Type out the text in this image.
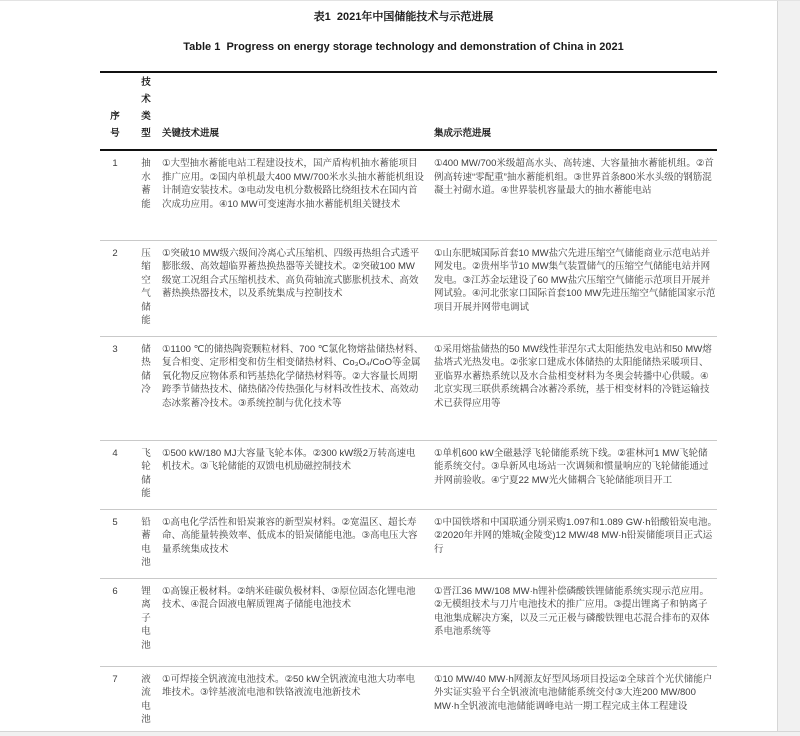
表1  2021年中国储能技术与示范进展
Table 1  Progress on energy storage technology and demonstration of China in 2021
序号	技术类型	关键技术进展	集成示范进展
1	抽水蓄能	①大型抽水蓄能电站工程建设技术，国产盾构机抽水蓄能项目推广应用。②国内单机最大400 MW/700米水头抽水蓄能机组设计制造安装技术。③电动发电机分数极路比绕组技术在国内首次成功应用。④10 MW可变速海水抽水蓄能机组关键技术	①400 MW/700米级超高水头、高转速、大容量抽水蓄能机组。②首例高转速“零配重”抽水蓄能机组。③世界首条800米水头级的钢筋混凝土衬砌水道。④世界装机容量最大的抽水蓄能电站
2	压缩空气储能	①突破10 MW级六级间冷离心式压缩机、四级再热组合式透平膨胀级、高效超临界蓄热换热器等关键技术。②突破100 MW级宽工况组合式压缩机技术、高负荷轴流式膨胀机技术、高效蓄热换热器技术，以及系统集成与控制技术	①山东肥城国际首套10 MW盐穴先进压缩空气储能商业示范电站并网发电。②贵州毕节10 MW集气装置储气的压缩空气储能电站并网发电。③江苏金坛建设了60 MW盐穴压缩空气储能示范项目开展并网试验。④河北张家口国际首套100 MW先进压缩空气储能国家示范项目开展并网带电调试
3	储热储冷	①1100 ℃的储热陶瓷颗粒材料、700 ℃氯化物熔盐储热材料、复合相变、定形相变和仿生相变储热材料、Co₃O₄/CoO等金属氧化物反应物体系和钙基热化学储热材料等。②大容量长周期跨季节储热技术、储热储冷传热强化与材料改性技术、高效动态冰浆蓄冷技术。③系统控制与优化技术等	①采用熔盐储热的50 MW线性菲涅尔式太阳能热发电站和50 MW熔盐塔式光热发电。②张家口建成水体储热的太阳能储热采暖项目、亚临界水蓄热系统以及水合盐相变材料为冬奥会转播中心供暖。④北京实现三联供系统耦合冰蓄冷系统，基于相变材料的冷链运输技术已获得应用等
4	飞轮储能	①500 kW/180 MJ大容量飞轮本体。②300 kW级2万转高速电机技术。③飞轮储能的双馈电机励磁控制技术	①单机600 kW全磁悬浮飞轮储能系统下线。②霍林河1 MW飞轮储能系统交付。③阜新风电场站一次调频和惯量响应的飞轮储能通过并网前验收。④宁夏22 MW光火储耦合飞轮储能项目开工
5	铅蓄电池	①高电化学活性和铅炭兼容的新型炭材料。②宽温区、超长寿命、高能量转换效率、低成本的铅炭储能电池。③高电压大容量系统集成技术	①中国铁塔和中国联通分别采购1.097和1.089 GW·h铅酸铅炭电池。②2020年并网的雉城(金陵变)12 MW/48 MW·h铅炭储能项目正式运行
6	锂离子电池	①高镍正极材料。②纳米硅碳负极材料、③原位固态化锂电池技术、④混合固液电解质锂离子储能电池技术	①晋江36 MW/108 MW·h锂补偿磷酸铁锂储能系统实现示范应用。②无模组技术与刀片电池技术的推广应用。③提出锂离子和钠离子电池集成解决方案，以及三元正极与磷酸铁锂电芯混合排布的双体系电池系统等
7	液流电池	①可焊接全钒液流电池技术。②50 kW全钒液流电池大功率电堆技术。③锌基液流电池和铁铬液流电池新技术	①10 MW/40 MW·h网源友好型风场项目投运②全球首个光伏储能户外实证实验平台全钒液流电池储能系统交付③大连200 MW/800 MW·h全钒液流电池储能调峰电站一期工程完成主体工程建设
